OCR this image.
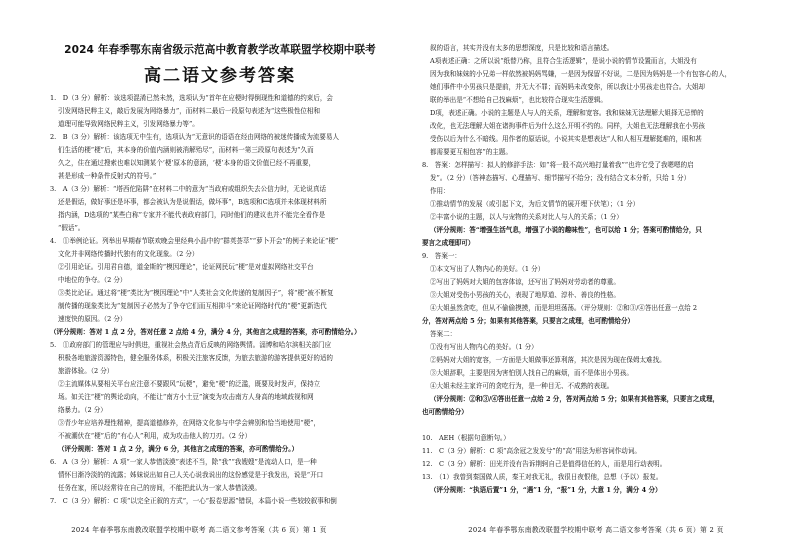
2024 年春季鄂东南省级示范高中教育教学改革联盟学校期中联考
高二语文参考答案
1.　D（3 分）解析：该选项混淆已然未然，选项认为“首年在应梗时得倒现性和道德的约束后，会
引发网络民粹主义，敲后发展为网络暴力”，而材料二最后一段原句表述为“这些极性位相和
道理可能导致网络民粹主义，引发网络暴力等”。
2.　B（3 分）解析：该选项无中生有，选项认为“无意识的语语在经由网络的被迷传播成为流要易人
们生活的梗“梗”后，其本身的价值内涵则被消解殆尽”，而材料一第三段原句表述为“久而
久之，住在通过搜索也难以知测某个‘梗’原本的意涵，‘梗’本身的语文价值已经不再重要，
甚是形成一种条件反射式的符号。”
3.　A（3 分）解析：“塔西佗陷阱”在材料二中的意为“当政府或组织失去公信力时，无论说真话
还是假话，做好事还是坏事，都会被认为是说假话，做坏事”，B选项和C选项并未体现材料所
指内涵，D选项的“某些白称”专家并不能代表政府部门，同时他们的建议也并不能完全看作是
“假话”。
4.　①举例论证。列举出早期春节联欢晚会里经典小品中的“群英荟萃”“萝卜开会”的例子来论证“梗”
文化并非网络传播时代独有的文化现象。（2 分）
②引用论证。引用君自德，道金斯的“模因理论”，论证网民玩“梗”是对虚拟网络社交平台
中地位的争夺。（2 分）
③类比论证。通过将“梗”类比为“模因理论”中“人类社会文化传递的复制因子”，将“梗”被不断复
制传播的现象类比为“复制因子必然为了争夺它们而互相抑斗”来论证网络时代的“梗”更新迭代
速度快的原因。（2 分）
（评分规则：答对 1 点 2 分，答对任意 2 点给 4 分，满分 4 分，其他言之成理的答案，亦可酌情给分。）
5.　①政府部门的管理应与时俱进，重视社会热点背后反映的网络舆情。淄博和哈尔滨相关部门应
积极各地旅游资源特色，健全服务体系，积极关注旅客反馈，为旅去旅游的游客提供更好的适的
旅游体验。（2 分）
②主流媒体从要相关平台应注意不要跟风“玩梗”，避免“梗”的泛滥，既要及时发声，保持立
场。如关注“梗”的舆论动向，不能让“南方小土豆”演变为攻击南方人身高的地域歧视和网
络暴力。（2 分）
③青少年应培养理性精神，提高道德修养，在网络文化参与中学会辨别和恰当地使用“梗”，
不被潮伏在“梗”后的“有心人”利用，成为攻击他人的刀刃。（2 分）
（评分规则：答对 1 点 2 分，满分 6 分，其他言之成理的答案，亦可酌情给分。）
6.　A（3 分）解析：A 项“一家人恭惜淡漠”表述不当，除“我”“我嫂嫂”是流动人口，是一种
情怀目渐冷淡的的流露；姊妹说出如自己人关心说我说出的这份感觉是于我发出，说是“开口
任务在家，所以经常待在自己的房间，不能把此认为一家人恭惜淡漠。
7.　C（3 分）解析：C 项“以完全正叙的方式”，一心“报卷思源”错误，本篇小说一些较较叙事和倒
2024 年春季鄂东南教改联盟学校期中联考 高二语文参考答案（共 6 页）第 1 页
叙的语言，其实并没有太多的思想深度，只是比较和语言描述。
A项表述正确：之所以说“纸替乃称，且符合生活逻辑”，是说小说的情节设置而言，大姐没有
因为我和妹妹的小兄弟一样依然被妈妈骂嫌，一是因为保留不好说，二是因为妈妈是一个有包容心的人，
她们事件中小男孩只是提前，并无大不罪；而妈妈未改变你，所以我让小男孩走也符合。大姐却
联的举出是“不想给自己找麻烦”，也比较符合现实生活逻辑。
D项，表述正确。小说的主题是人与人的关系，理解和宽容。我和妹妹无法理解大姐择无忌惮的
改化，也无法理解大姐在诸拘事件后为什么这么开明不约的。同样，大姐也无法理解我在小男孩
受伤以后为什么不暗线。用作者的原话说，小说其实是想表达“人和人相互理解挺难的，眼和甚
都需要更互相包容”的主题。
8.　答案：怎样描写：拟人的修辞手法：如“将一股不高兴地打量着我”“也许它受了我嗯嗯的启
发”。（2 分）（答神态描写、心理描写、细节描写不给分；没有结合文本分析，只给 1 分）
作用：
①推动情节的发展（或引起下文，为后文情节的展开埋下伏笔）；（1 分）
②丰富小说的主题，以人与宠物的关系对比人与人的关系；（1 分）
（评分规则：答“增强生活气息，增强了小说的趣味性”，也可以给 1 分；答案可酌情给分，只
要言之成理即可）
9.　答案一：
①本文写出了人物内心的美好。（1 分）
②写出了妈妈对大姐的包容体谅，还写出了妈妈对劳动者的尊重。
③大姐对受伤小男孩的关心，表现了地厚道、淳朴、善良的性格。
④大姐虽然贪吃，但从不偷偷摸摸，而是坦坦荡荡。（评分规则：②和③/④答出任意一点给 2
分，答对两点给 5 分；如果有其他答案，只要言之成理，也可酌情给分）
答案二：
①没有写出人物内心的美好。（1 分）
②妈妈对大姐的宽容，一方面是大姐做事还算利落，其次是因为现在保姆太难找。
③大姐辞职，主要是因为害怕别人找自己的麻烦，而不是体出小男孩。
④大姐未经主家许可的贪吃行为，是一种目无、不成熟的表现。
（评分规则：②和③/④答出任意一点给 2 分，答对两点给 5 分；如果有其他答案，只要言之成理，
也可酌情给分）
10.　AEH（根据句意断句。）
11.　C（3 分）解析：C 项“高余冠之发发兮”的“高”用法为形容词作动词。
12.　C（3 分）解析：田光并没有告诉荆轲自己是值得信任的人，而是用行动表明。
13.　（1）我曾到秦国做人质，秦王对我无礼，我很日夜恨他，总想（予以）报复。
（评分规则：“执语后置”1 分，“遇”1 分，“报”1 分，大意 1 分，满分 4 分）
2024 年春季鄂东南教改联盟学校期中联考 高二语文参考答案（共 6 页）第 2 页
